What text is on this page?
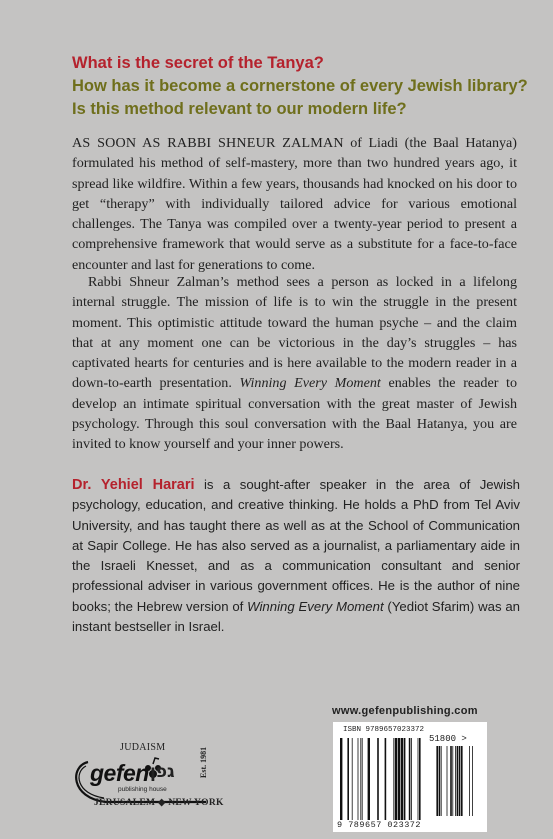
What is the secret of the Tanya?
How has it become a cornerstone of every Jewish library?
Is this method relevant to our modern life?

AS SOON AS RABBI SHNEUR ZALMAN of Liadi (the Baal Hatanya) formulated his method of self-mastery, more than two hundred years ago, it spread like wildfire. Within a few years, thousands had knocked on his door to get “therapy” with individually tailored advice for various emotional challenges. The Tanya was compiled over a twenty-year period to present a comprehensive framework that would serve as a substitute for a face-to-face encounter and last for generations to come.

Rabbi Shneur Zalman’s method sees a person as locked in a lifelong internal struggle. The mission of life is to win the struggle in the present moment. This optimistic attitude toward the human psyche – and the claim that at any moment one can be victorious in the day’s struggles – has captivated hearts for centuries and is here available to the modern reader in a down-to-earth presentation. Winning Every Moment enables the reader to develop an intimate spiritual conversation with the great master of Jewish psychology. Through this soul conversation with the Baal Hatanya, you are invited to know yourself and your inner powers.

Dr. Yehiel Harari is a sought-after speaker in the area of Jewish psychology, education, and creative thinking. He holds a PhD from Tel Aviv University, and has taught there as well as at the School of Communication at Sapir College. He has also served as a journalist, a parliamentary aide in the Israeli Knesset, and as a communication consultant and senior professional adviser in various government offices. He is the author of nine books; the Hebrew version of Winning Every Moment (Yediot Sfarim) was an instant bestseller in Israel.

www.gefenpublishing.com
ISBN 9789657023372
51800 >
9 789657 023372
JUDAISM
gefen
publishing house
גפן	Est. 1981
JERUSALEM ◆ NEW YORK
